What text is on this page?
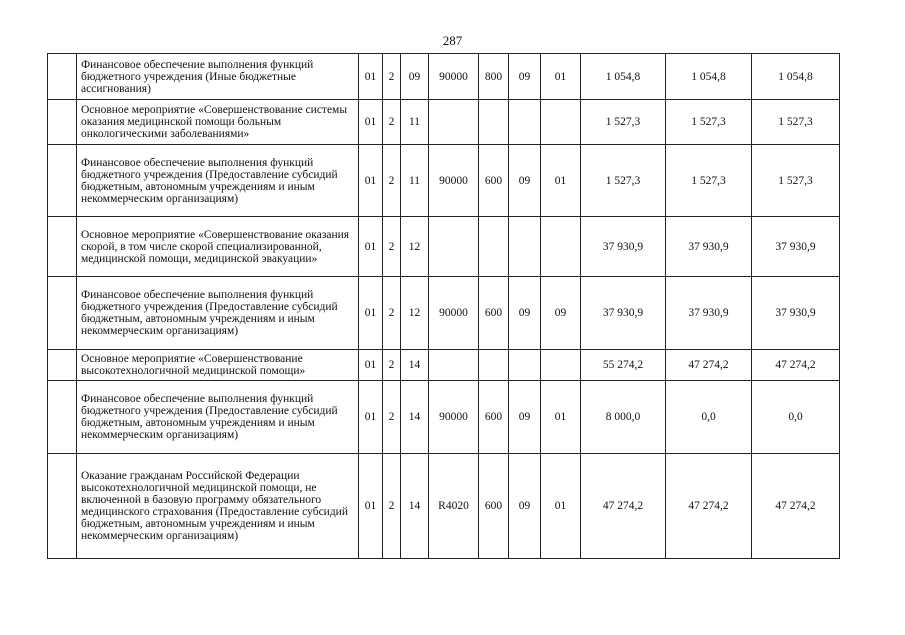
287
	Финансовое обеспечение выполнения функций бюджетного учреждения (Иные бюджетные ассигнования)	01	2	09	90000	800	09	01	1 054,8	1 054,8	1 054,8
	Основное мероприятие «Совершенствование системы оказания медицинской помощи больным онкологическими заболеваниями»	01	2	11					1 527,3	1 527,3	1 527,3
	Финансовое обеспечение выполнения функций бюджетного учреждения (Предоставление субсидий бюджетным, автономным учреждениям и иным некоммерческим организациям)	01	2	11	90000	600	09	01	1 527,3	1 527,3	1 527,3
	Основное мероприятие «Совершенствование оказания скорой, в том числе скорой специализированной, медицинской помощи, медицинской эвакуации»	01	2	12					37 930,9	37 930,9	37 930,9
	Финансовое обеспечение выполнения функций бюджетного учреждения (Предоставление субсидий бюджетным, автономным учреждениям и иным некоммерческим организациям)	01	2	12	90000	600	09	09	37 930,9	37 930,9	37 930,9
	Основное мероприятие «Совершенствование высокотехнологичной медицинской помощи»	01	2	14					55 274,2	47 274,2	47 274,2
	Финансовое обеспечение выполнения функций бюджетного учреждения (Предоставление субсидий бюджетным, автономным учреждениям и иным некоммерческим организациям)	01	2	14	90000	600	09	01	8 000,0	0,0	0,0
	Оказание гражданам Российской Федерации высокотехнологичной медицинской помощи, не включенной в базовую программу обязательного медицинского страхования (Предоставление субсидий бюджетным, автономным учреждениям и иным некоммерческим организациям)	01	2	14	R4020	600	09	01	47 274,2	47 274,2	47 274,2
